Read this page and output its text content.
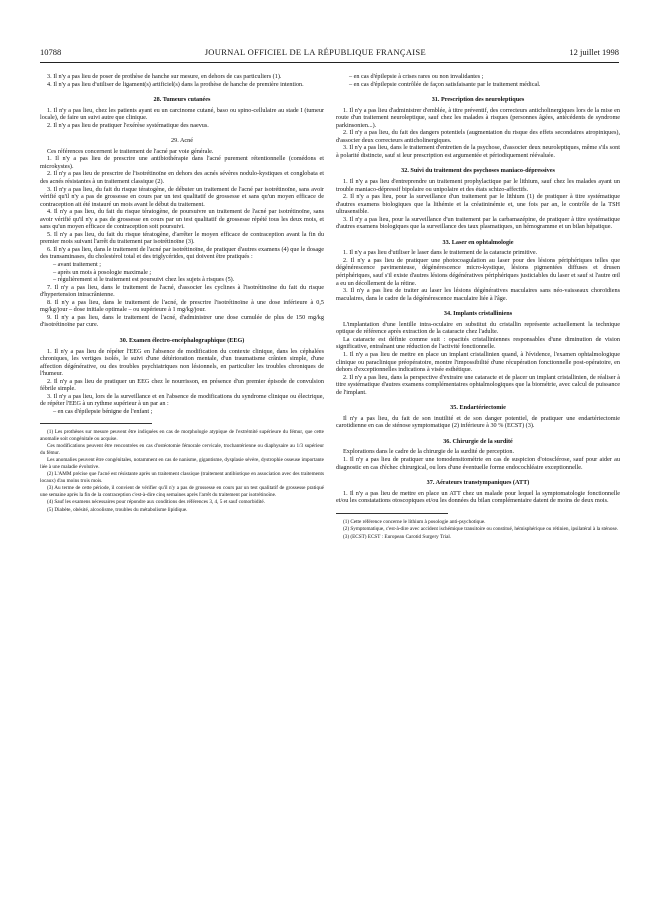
10788	JOURNAL OFFICIEL DE LA RÉPUBLIQUE FRANÇAISE	12 juillet 1998

3. Il n'y a pas lieu de poser de prothèse de hanche sur mesure, en dehors de cas particuliers (1).

4. Il n'y a pas lieu d'utiliser de ligament(s) artificiel(s) dans la prothèse de hanche de première intention.

28. Tumeurs cutanées

1. Il n'y a pas lieu, chez les patients ayant eu un carcinome cutané, baso ou spino-cellulaire au stade I (tumeur locale), de faire un suivi autre que clinique.

2. Il n'y a pas lieu de pratiquer l'exérèse systématique des naevus.

29. Acné

Ces références concernent le traitement de l'acné par voie générale.

1. Il n'y a pas lieu de prescrire une antibiothérapie dans l'acné purement rétentionnelle (comédons et microkystes).

2. Il n'y a pas lieu de prescrire de l'isotrétinoïne en dehors des acnés sévères nodulo-kystiques et conglobata et des acnés résistantes à un traitement classique (2).

3. Il n'y a pas lieu, du fait du risque tératogène, de débuter un traitement de l'acné par isotrétinoïne, sans avoir vérifié qu'il n'y a pas de grossesse en cours par un test qualitatif de grossesse et sans qu'un moyen efficace de contraception ait été instauré un mois avant le début du traitement.

4. Il n'y a pas lieu, du fait du risque tératogène, de poursuivre un traitement de l'acné par isotrétinoïne, sans avoir vérifié qu'il n'y a pas de grossesse en cours par un test qualitatif de grossesse répété tous les deux mois, et sans qu'un moyen efficace de contraception soit poursuivi.

5. Il n'y a pas lieu, du fait du risque tératogène, d'arrêter le moyen efficace de contraception avant la fin du premier mois suivant l'arrêt du traitement par isotrétinoïne (3).

6. Il n'y a pas lieu, dans le traitement de l'acné par isotrétinoïne, de pratiquer d'autres examens (4) que le dosage des transaminases, du cholestérol total et des triglycérides, qui doivent être pratiqués :

– avant traitement ;

– après un mois à posologie maximale ;

– régulièrement si le traitement est poursuivi chez les sujets à risques (5).

7. Il n'y a pas lieu, dans le traitement de l'acné, d'associer les cyclines à l'isotrétinoïne du fait du risque d'hypertension intracrânienne.

8. Il n'y a pas lieu, dans le traitement de l'acné, de prescrire l'isotrétinoïne à une dose inférieure à 0,5 mg/kg/jour – dose initiale optimale – ou supérieure à 1 mg/kg/jour.

9. Il n'y a pas lieu, dans le traitement de l'acné, d'administrer une dose cumulée de plus de 150 mg/kg d'isotrétinoïne par cure.

30. Examen électro-encéphalographique (EEG)

1. Il n'y a pas lieu de répéter l'EEG en l'absence de modification du contexte clinique, dans les céphalées chroniques, les vertiges isolés, le suivi d'une détérioration mentale, d'un traumatisme crânien simple, d'une affection dégénérative, ou des troubles psychiatriques non lésionnels, en particulier les troubles chroniques de l'humeur.

2. Il n'y a pas lieu de pratiquer un EEG chez le nourrisson, en présence d'un premier épisode de convulsion fébrile simple.

3. Il n'y a pas lieu, lors de la surveillance et en l'absence de modifications du syndrome clinique ou électrique, de répéter l'EEG à un rythme supérieur à un par an :

– en cas d'épilepsie bénigne de l'enfant ;

(1) Les prothèses sur mesure peuvent être indiquées en cas de morphologie atypique de l'extrémité supérieure du fémur, que cette anomalie soit congénitale ou acquise.

Ces modifications peuvent être rencontrées en cas d'ostéotomie fémorale cervicale, trochantérienne ou diaphysaire au 1/3 supérieur du fémur.

Les anomalies peuvent être congénitales, notamment en cas de nanisme, gigantisme, dysplasie sévère, dystrophie osseuse importante liée à une maladie évolutive.

(2) L'AMM précise que l'acné est résistante après un traitement classique (traitement antibiotique en association avec des traitements locaux) d'au moins trois mois.

(3) Au terme de cette période, il convient de vérifier qu'il n'y a pas de grossesse en cours par un test qualitatif de grossesse pratiqué une semaine après la fin de la contraception c'est-à-dire cinq semaines après l'arrêt du traitement par isotrétinoïne.

(4) Sauf les examens nécessaires pour répondre aux conditions des références 3, 4, 5 et sauf comorbidité.

(5) Diabète, obésité, alcoolisme, troubles du métabolisme lipidique.

– en cas d'épilepsie à crises rares ou non invalidantes ;

– en cas d'épilepsie contrôlée de façon satisfaisante par le traitement médical.

31. Prescription des neuroleptiques

1. Il n'y a pas lieu d'administrer d'emblée, à titre préventif, des correcteurs anticholinergiques lors de la mise en route d'un traitement neuroleptique, sauf chez les malades à risques (personnes âgées, antécédents de syndrome parkinsonien...).

2. Il n'y a pas lieu, du fait des dangers potentiels (augmentation du risque des effets secondaires atropiniques), d'associer deux correcteurs anticholinergiques.

3. Il n'y a pas lieu, dans le traitement d'entretien de la psychose, d'associer deux neuroleptiques, même s'ils sont à polarité distincte, sauf si leur prescription est argumentée et périodiquement réévaluée.

32. Suivi du traitement des psychoses maniaco-dépressives

1. Il n'y a pas lieu d'entreprendre un traitement prophylactique par le lithium, sauf chez les malades ayant un trouble maniaco-dépressif bipolaire ou unipolaire et des états schizo-affectifs.

2. Il n'y a pas lieu, pour la surveillance d'un traitement par le lithium (1) de pratiquer à titre systématique d'autres examens biologiques que la lithémie et la créatininémie et, une fois par an, le contrôle de la TSH ultrasensible.

3. Il n'y a pas lieu, pour la surveillance d'un traitement par la carbamazépine, de pratiquer à titre systématique d'autres examens biologiques que la surveillance des taux plasmatiques, un hémogramme et un bilan hépatique.

33. Laser en ophtalmologie

1. Il n'y a pas lieu d'utiliser le laser dans le traitement de la cataracte primitive.

2. Il n'y a pas lieu de pratiquer une photocoagulation au laser pour des lésions périphériques telles que dégénérescence pavimenteuse, dégénérescence micro-kystique, lésions pigmentées diffuses et drusen périphériques, sauf s'il existe d'autres lésions dégénératives périphériques justiciables du laser et sauf si l'autre œil a eu un décollement de la rétine.

3. Il n'y a pas lieu de traiter au laser les lésions dégénératives maculaires sans néo-vaisseaux choroïdiens maculaires, dans le cadre de la dégénérescence maculaire liée à l'âge.

34. Implants cristalliniens

L'implantation d'une lentille intra-oculaire en substitut du cristallin représente actuellement la technique optique de référence après extraction de la cataracte chez l'adulte.

La cataracte est définie comme suit : opacités cristalliniennes responsables d'une diminution de vision significative, entraînant une réduction de l'activité fonctionnelle.

1. Il n'y a pas lieu de mettre en place un implant cristallinien quand, à l'évidence, l'examen ophtalmologique clinique ou paraclinique préopératoire, montre l'impossibilité d'une récupération fonctionnelle post-opératoire, en dehors d'exceptionnelles indications à visée esthétique.

2. Il n'y a pas lieu, dans la perspective d'extraire une cataracte et de placer un implant cristallinien, de réaliser à titre systématique d'autres examens complémentaires ophtalmologiques que la biométrie, avec calcul de puissance de l'implant.

35. Endartériectomie

Il n'y a pas lieu, du fait de son inutilité et de son danger potentiel, de pratiquer une endartériectomie carotidienne en cas de sténose symptomatique (2) inférieure à 30 % (ECST) (3).

36. Chirurgie de la surdité

Explorations dans le cadre de la chirurgie de la surdité de perception.

1. Il n'y a pas lieu de pratiquer une tomodensitométrie en cas de suspicion d'otosclérose, sauf pour aider au diagnostic en cas d'échec chirurgical, ou lors d'une éventuelle forme endocochléaire exceptionnelle.

37. Aérateurs transtympaniques (ATT)

1. Il n'y a pas lieu de mettre en place un ATT chez un malade pour lequel la symptomatologie fonctionnelle et/ou les constatations otoscopiques et/ou les données du bilan complémentaire datent de moins de deux mois.

(1) Cette référence concerne le lithium à posologie anti-psychotique.

(2) Symptomatique, c'est-à-dire avec accident ischémique transitoire ou constitué, hémisphérique ou rétinien, ipsilatéral à la sténose.

(3) (ECST) ECST : European Carotid Surgery Trial.
